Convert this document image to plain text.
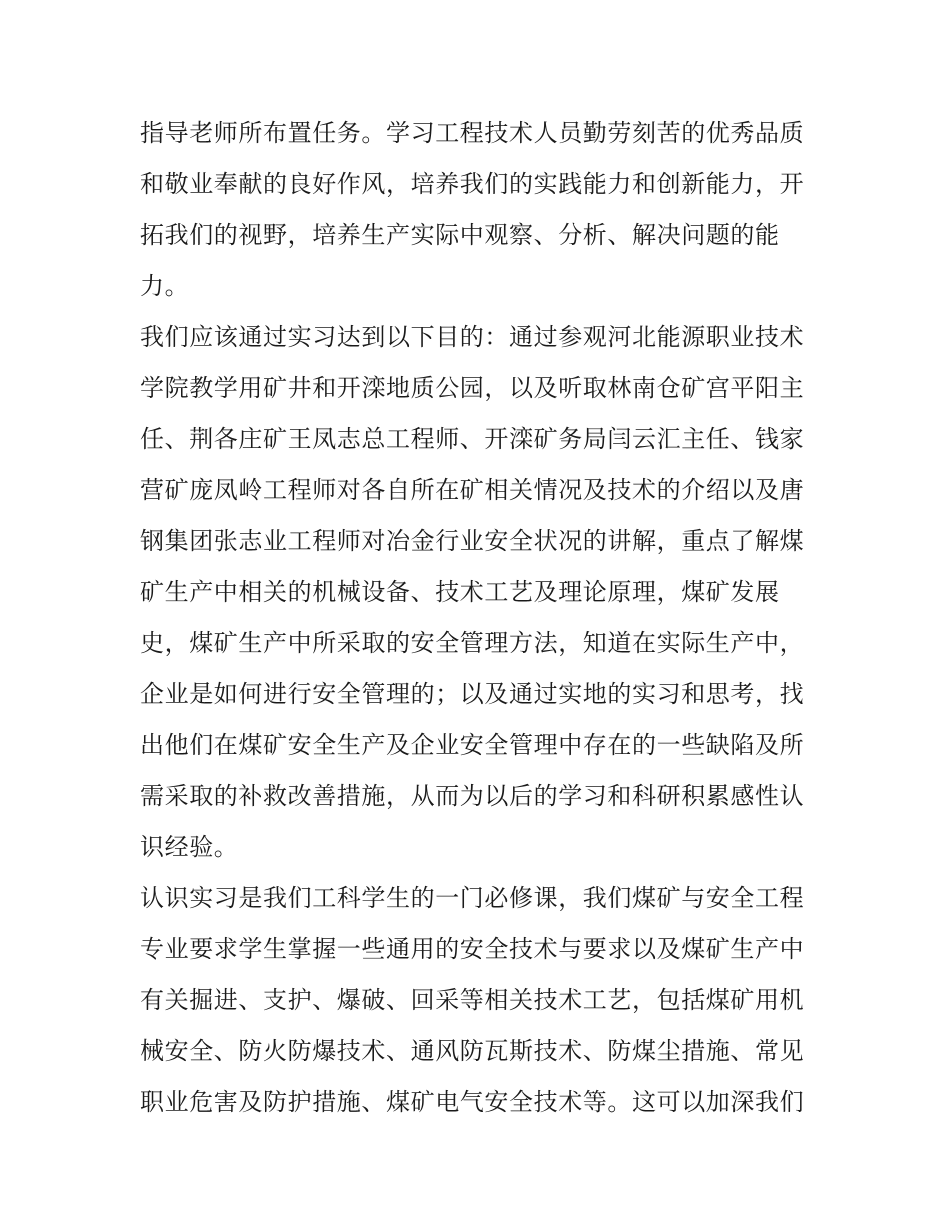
指导老师所布置任务。学习工程技术人员勤劳刻苦的优秀品质
和敬业奉献的良好作风，培养我们的实践能力和创新能力，开
拓我们的视野，培养生产实际中观察、分析、解决问题的能
力。
我们应该通过实习达到以下目的：通过参观河北能源职业技术
学院教学用矿井和开滦地质公园，以及听取林南仓矿宫平阳主
任、荆各庄矿王凤志总工程师、开滦矿务局闫云汇主任、钱家
营矿庞凤岭工程师对各自所在矿相关情况及技术的介绍以及唐
钢集团张志业工程师对冶金行业安全状况的讲解，重点了解煤
矿生产中相关的机械设备、技术工艺及理论原理，煤矿发展
史，煤矿生产中所采取的安全管理方法，知道在实际生产中，
企业是如何进行安全管理的；以及通过实地的实习和思考，找
出他们在煤矿安全生产及企业安全管理中存在的一些缺陷及所
需采取的补救改善措施，从而为以后的学习和科研积累感性认
识经验。
认识实习是我们工科学生的一门必修课，我们煤矿与安全工程
专业要求学生掌握一些通用的安全技术与要求以及煤矿生产中
有关掘进、支护、爆破、回采等相关技术工艺，包括煤矿用机
械安全、防火防爆技术、通风防瓦斯技术、防煤尘措施、常见
职业危害及防护措施、煤矿电气安全技术等。这可以加深我们
